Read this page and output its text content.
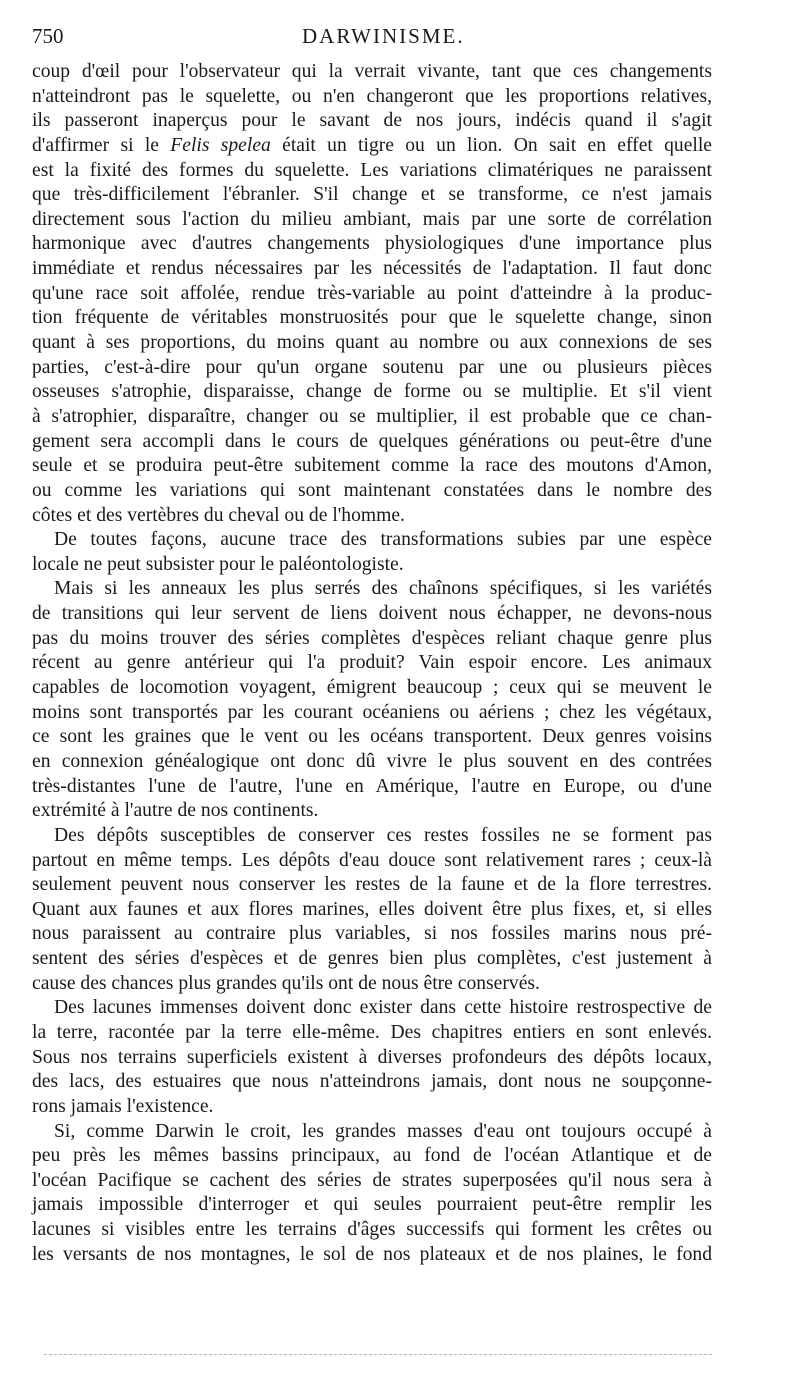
750	DARWINISME.
coup d'œil pour l'observateur qui la verrait vivante, tant que ces changements
n'atteindront pas le squelette, ou n'en changeront que les proportions relatives,
ils passeront inaperçus pour le savant de nos jours, indécis quand il s'agit
d'affirmer si le Felis spelea était un tigre ou un lion. On sait en effet quelle
est la fixité des formes du squelette. Les variations climatériques ne paraissent
que très-difficilement l'ébranler. S'il change et se transforme, ce n'est jamais
directement sous l'action du milieu ambiant, mais par une sorte de corrélation
harmonique avec d'autres changements physiologiques d'une importance plus
immédiate et rendus nécessaires par les nécessités de l'adaptation. Il faut donc
qu'une race soit affolée, rendue très-variable au point d'atteindre à la produc-
tion fréquente de véritables monstruosités pour que le squelette change, sinon
quant à ses proportions, du moins quant au nombre ou aux connexions de ses
parties, c'est-à-dire pour qu'un organe soutenu par une ou plusieurs pièces
osseuses s'atrophie, disparaisse, change de forme ou se multiplie. Et s'il vient
à s'atrophier, disparaître, changer ou se multiplier, il est probable que ce chan-
gement sera accompli dans le cours de quelques générations ou peut-être d'une
seule et se produira peut-être subitement comme la race des moutons d'Amon,
ou comme les variations qui sont maintenant constatées dans le nombre des
côtes et des vertèbres du cheval ou de l'homme.
De toutes façons, aucune trace des transformations subies par une espèce
locale ne peut subsister pour le paléontologiste.
Mais si les anneaux les plus serrés des chaînons spécifiques, si les variétés
de transitions qui leur servent de liens doivent nous échapper, ne devons-nous
pas du moins trouver des séries complètes d'espèces reliant chaque genre plus
récent au genre antérieur qui l'a produit? Vain espoir encore. Les animaux
capables de locomotion voyagent, émigrent beaucoup ; ceux qui se meuvent le
moins sont transportés par les courant océaniens ou aériens ; chez les végétaux,
ce sont les graines que le vent ou les océans transportent. Deux genres voisins
en connexion généalogique ont donc dû vivre le plus souvent en des contrées
très-distantes l'une de l'autre, l'une en Amérique, l'autre en Europe, ou d'une
extrémité à l'autre de nos continents.
Des dépôts susceptibles de conserver ces restes fossiles ne se forment pas
partout en même temps. Les dépôts d'eau douce sont relativement rares ; ceux-là
seulement peuvent nous conserver les restes de la faune et de la flore terrestres.
Quant aux faunes et aux flores marines, elles doivent être plus fixes, et, si elles
nous paraissent au contraire plus variables, si nos fossiles marins nous pré-
sentent des séries d'espèces et de genres bien plus complètes, c'est justement à
cause des chances plus grandes qu'ils ont de nous être conservés.
Des lacunes immenses doivent donc exister dans cette histoire restrospective de
la terre, racontée par la terre elle-même. Des chapitres entiers en sont enlevés.
Sous nos terrains superficiels existent à diverses profondeurs des dépôts locaux,
des lacs, des estuaires que nous n'atteindrons jamais, dont nous ne soupçonne-
rons jamais l'existence.
Si, comme Darwin le croit, les grandes masses d'eau ont toujours occupé à
peu près les mêmes bassins principaux, au fond de l'océan Atlantique et de
l'océan Pacifique se cachent des séries de strates superposées qu'il nous sera à
jamais impossible d'interroger et qui seules pourraient peut-être remplir les
lacunes si visibles entre les terrains d'âges successifs qui forment les crêtes ou
les versants de nos montagnes, le sol de nos plateaux et de nos plaines, le fond
